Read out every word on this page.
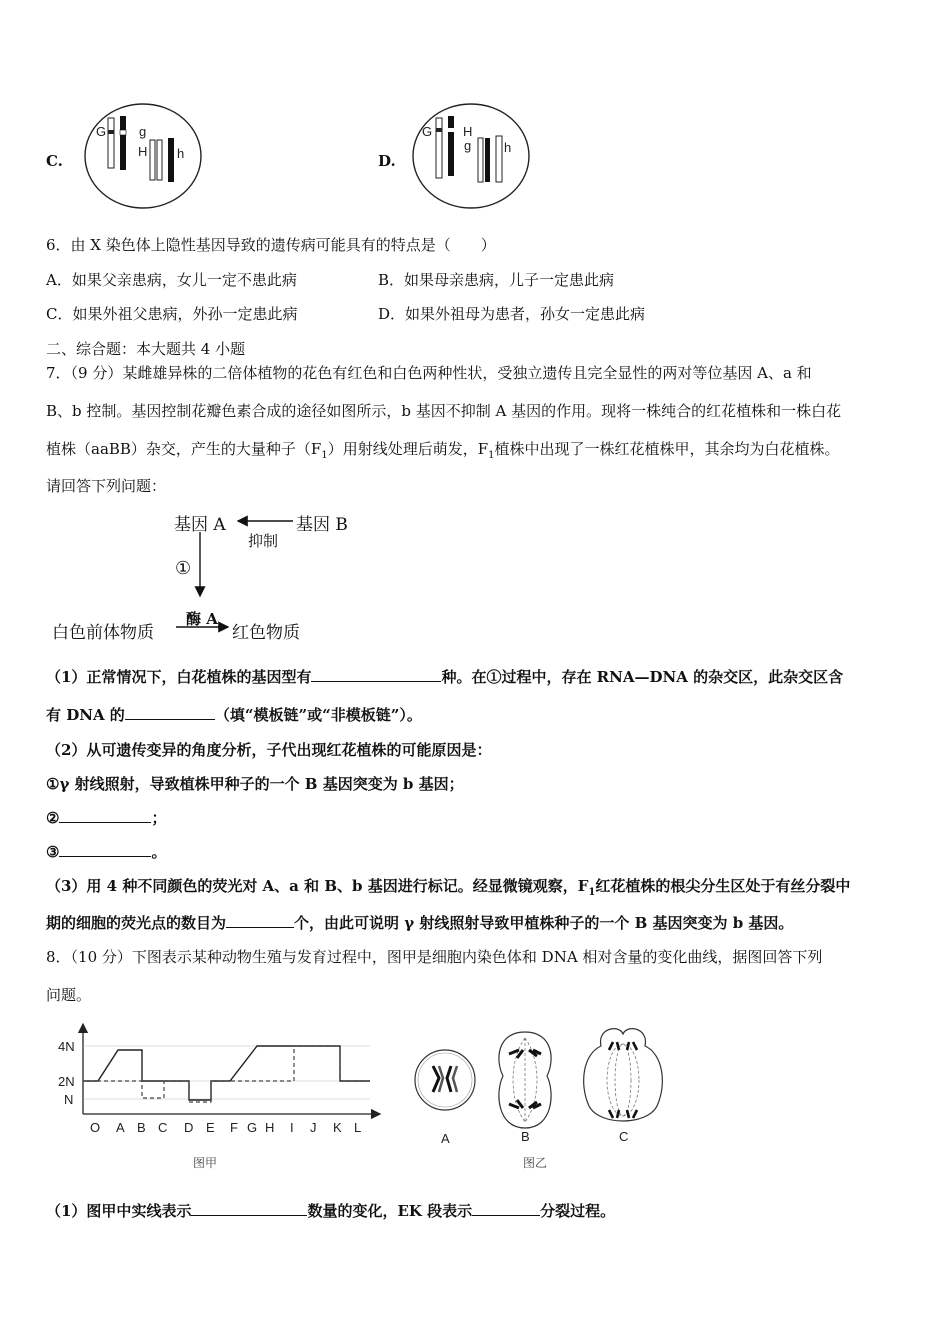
C.
G	g
H h	D.
G H
g	h
6．由 X 染色体上隐性基因导致的遗传病可能具有的特点是（　　）
A．如果父亲患病，女儿一定不患此病	B．如果母亲患病，儿子一定患此病
C．如果外祖父患病，外孙一定患此病	D．如果外祖母为患者，孙女一定患此病
二、综合题：本大题共 4 小题
7．（9 分）某雌雄异株的二倍体植物的花色有红色和白色两种性状，受独立遗传且完全显性的两对等位基因 A、a 和
B、b 控制。基因控制花瓣色素合成的途径如图所示，b 基因不抑制 A 基因的作用。现将一株纯合的红花植株和一株白花
植株（aaBB）杂交，产生的大量种子$(F_1)$用射线处理后萌发，$F_1$植株中出现了一株红花植株甲，其余均为白花植株。
请回答下列问题：
基因 A	基因 B
抑制
①
酶 A
白色前体物质	红色物质
（1）正常情况下，白花植株的基因型有	种。在①过程中，存在 RNA—DNA 的杂交区，此杂交区含
有 DNA 的	（填“模板链”或“非模板链”）。
（2）从可遗传变异的角度分析，子代出现红花植株的可能原因是：
①γ 射线照射，导致植株甲种子的一个 B 基因突变为 b 基因；
②	；
③	。
（3）用 4 种不同颜色的荧光对 A、a 和 B、b 基因进行标记。经显微镜观察，$F_1$红花植株的根尖分生区处于有丝分裂中
期的细胞的荧光点的数目为	个，由此可说明 γ 射线照射导致甲植株种子的一个 B 基因突变为 b 基因。
8．（10 分）下图表示某种动物生殖与发育过程中，图甲是细胞内染色体和 DNA 相对含量的变化曲线，据图回答下列
问题。
4N
2N
N
O A B C D E F G H I J K L
图甲
A	B	C
图乙
（1）图甲中实线表示	数量的变化，EK 段表示	分裂过程。
